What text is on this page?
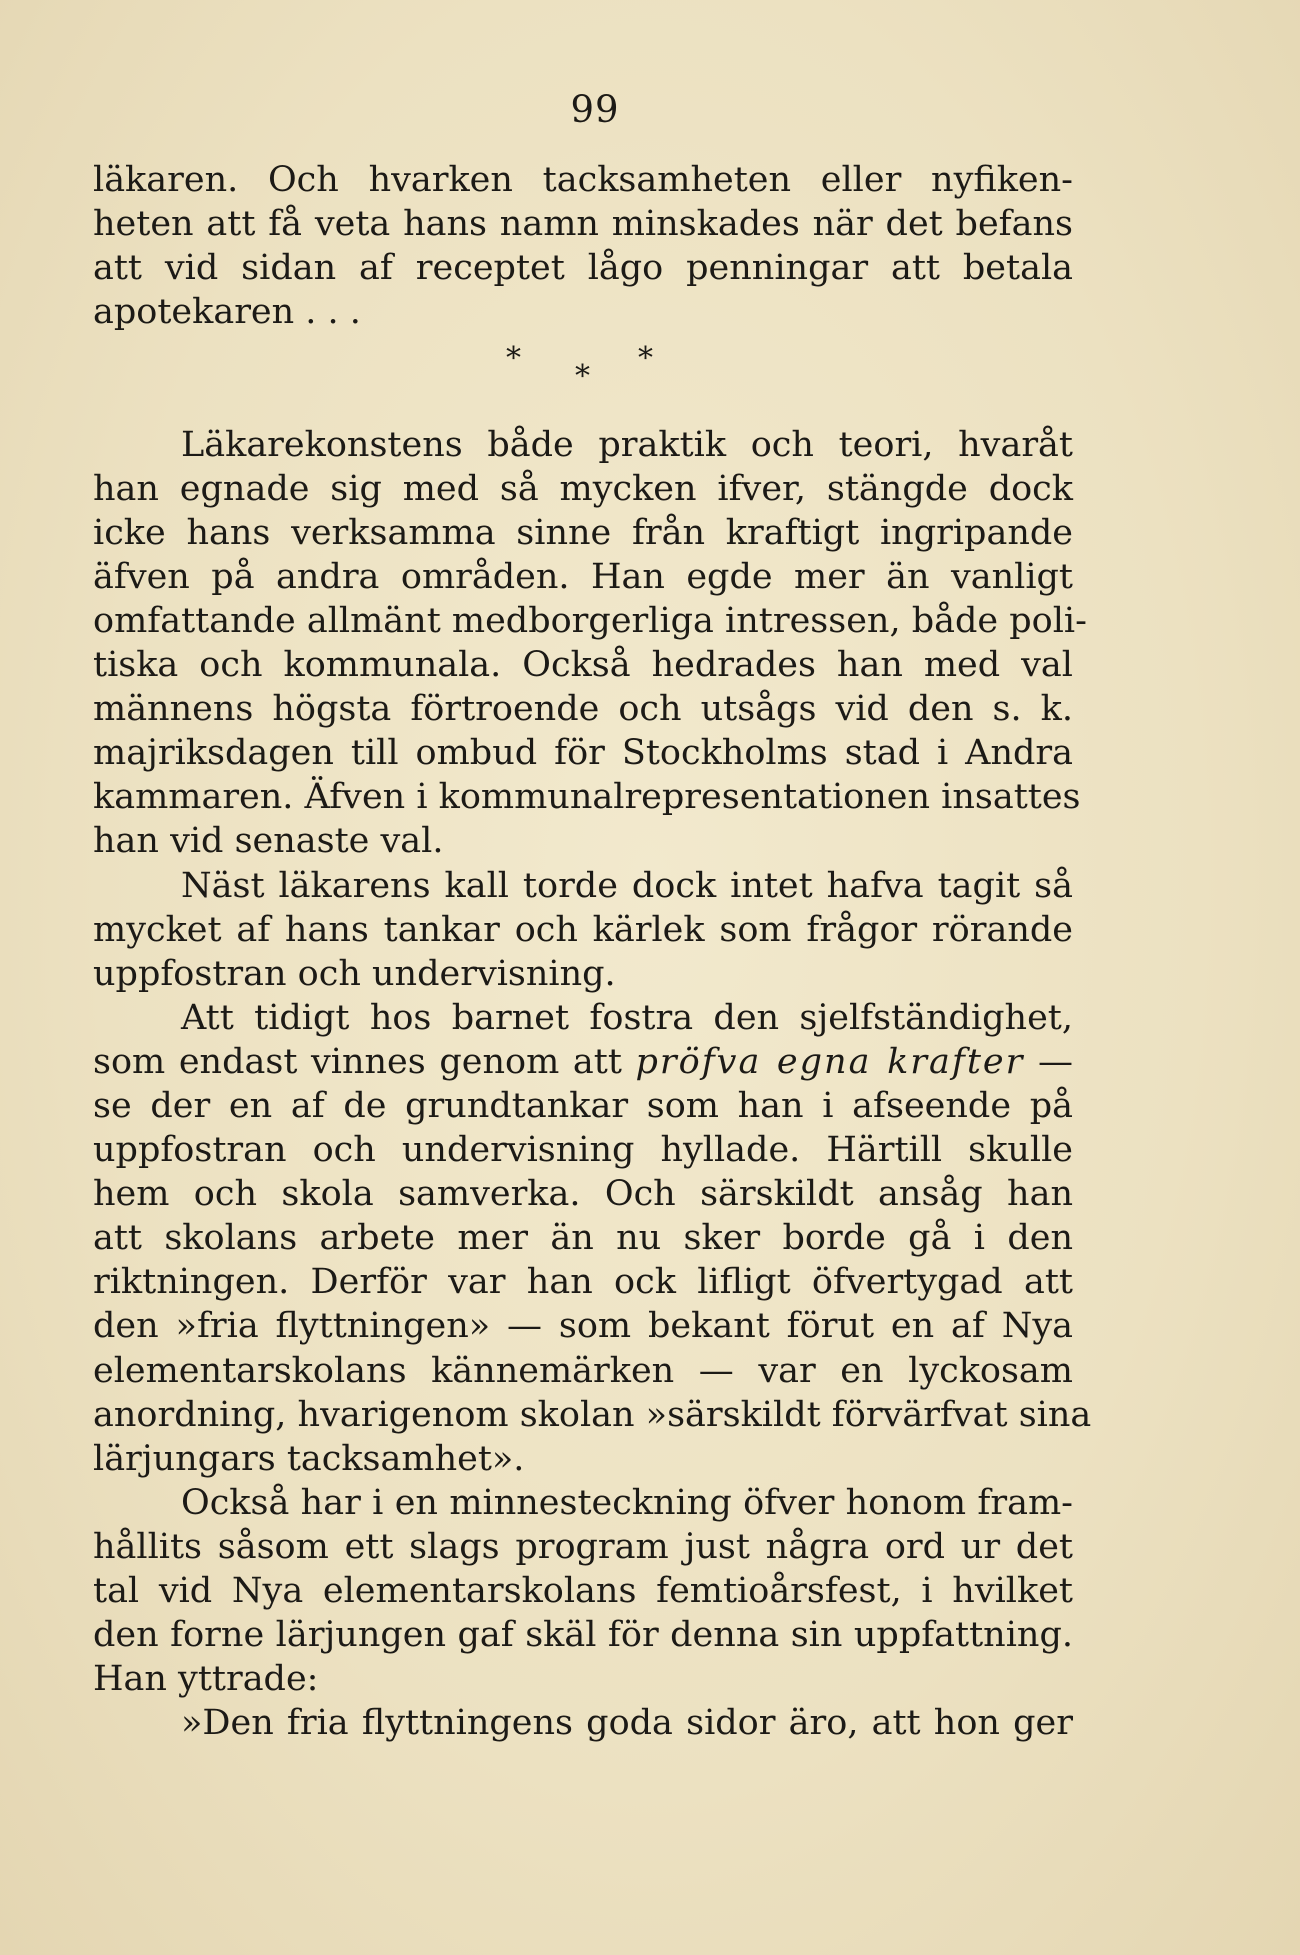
99
läkaren. Och hvarken tacksamheten eller nyfiken-
heten att få veta hans namn minskades när det befans
att vid sidan af receptet lågo penningar att betala
apotekaren . . .
*
*
*
Läkarekonstens både praktik och teori, hvaråt
han egnade sig med så mycken ifver, stängde dock
icke hans verksamma sinne från kraftigt ingripande
äfven på andra områden. Han egde mer än vanligt
omfattande allmänt medborgerliga intressen, både poli-
tiska och kommunala. Också hedrades han med val
männens högsta förtroende och utsågs vid den s. k.
majriksdagen till ombud för Stockholms stad i Andra
kammaren. Äfven i kommunalrepresentationen insattes
han vid senaste val.
Näst läkarens kall torde dock intet hafva tagit så
mycket af hans tankar och kärlek som frågor rörande
uppfostran och undervisning.
Att tidigt hos barnet fostra den sjelfständighet,
som endast vinnes genom att pröfva egna krafter —
se der en af de grundtankar som han i afseende på
uppfostran och undervisning hyllade. Härtill skulle
hem och skola samverka. Och särskildt ansåg han
att skolans arbete mer än nu sker borde gå i den
riktningen. Derför var han ock lifligt öfvertygad att
den »fria flyttningen» — som bekant förut en af Nya
elementarskolans kännemärken — var en lyckosam
anordning, hvarigenom skolan »särskildt förvärfvat sina
lärjungars tacksamhet».
Också har i en minnesteckning öfver honom fram-
hållits såsom ett slags program just några ord ur det
tal vid Nya elementarskolans femtioårsfest, i hvilket
den forne lärjungen gaf skäl för denna sin uppfattning.
Han yttrade:
»Den fria flyttningens goda sidor äro, att hon ger
